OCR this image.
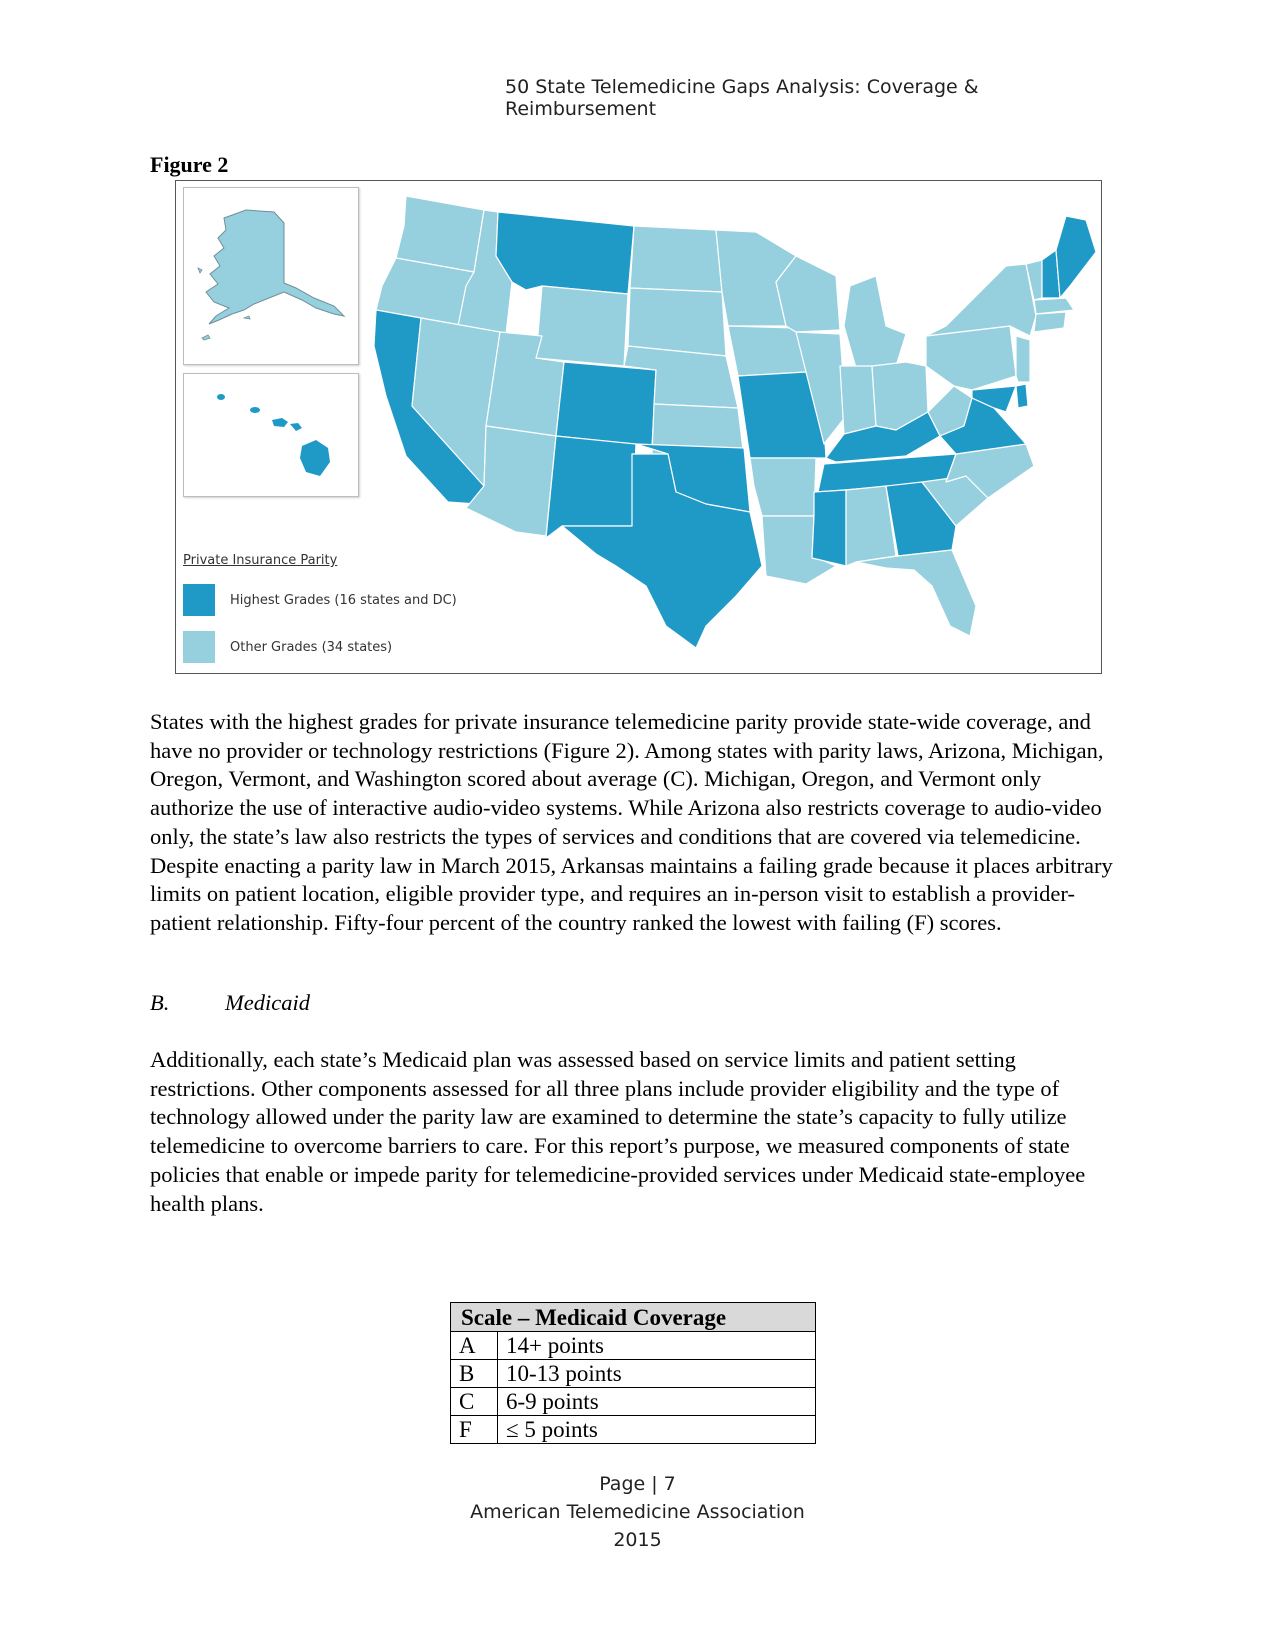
50 State Telemedicine Gaps Analysis: Coverage & Reimbursement
Figure 2
Private Insurance Parity
Highest Grades (16 states and DC)
Other Grades (34 states)
States with the highest grades for private insurance telemedicine parity provide state-wide coverage, and have no provider or technology restrictions (Figure 2). Among states with parity laws, Arizona, Michigan, Oregon, Vermont, and Washington scored about average (C). Michigan, Oregon, and Vermont only authorize the use of interactive audio-video systems. While Arizona also restricts coverage to audio-video only, the state’s law also restricts the types of services and conditions that are covered via telemedicine. Despite enacting a parity law in March 2015, Arkansas maintains a failing grade because it places arbitrary limits on patient location, eligible provider type, and requires an in-person visit to establish a provider-patient relationship. Fifty-four percent of the country ranked the lowest with failing (F) scores.
B. Medicaid
Additionally, each state’s Medicaid plan was assessed based on service limits and patient setting restrictions. Other components assessed for all three plans include provider eligibility and the type of technology allowed under the parity law are examined to determine the state’s capacity to fully utilize telemedicine to overcome barriers to care. For this report’s purpose, we measured components of state policies that enable or impede parity for telemedicine-provided services under Medicaid state-employee health plans.
Scale – Medicaid Coverage	
A	14+ points
B	10-13 points
C	6-9 points
F	≤ 5 points
Page | 7
American Telemedicine Association
2015
